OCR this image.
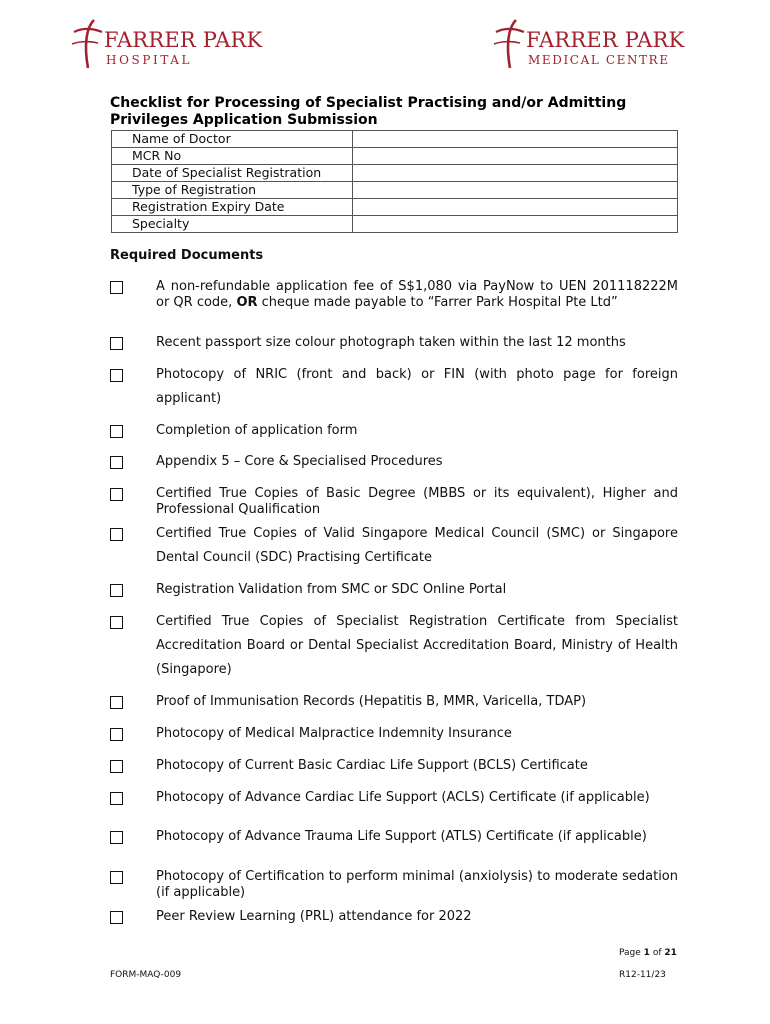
FARRER PARK
HOSPITAL
FARRER PARK
MEDICAL CENTRE
Checklist for Processing of Specialist Practising and/or Admitting Privileges Application Submission
Name of Doctor	
MCR No	
Date of Specialist Registration	
Type of Registration	
Registration Expiry Date	
Specialty	
Required Documents
A non-refundable application fee of S$1,080 via PayNow to UEN 201118222M or QR code, OR cheque made payable to “Farrer Park Hospital Pte Ltd”
Recent passport size colour photograph taken within the last 12 months
Photocopy of NRIC (front and back) or FIN (with photo page for foreign applicant)
Completion of application form
Appendix 5 – Core & Specialised Procedures
Certified True Copies of Basic Degree (MBBS or its equivalent), Higher and Professional Qualification
Certified True Copies of Valid Singapore Medical Council (SMC) or Singapore Dental Council (SDC) Practising Certificate
Registration Validation from SMC or SDC Online Portal
Certified True Copies of Specialist Registration Certificate from Specialist Accreditation Board or Dental Specialist Accreditation Board, Ministry of Health (Singapore)
Proof of Immunisation Records (Hepatitis B, MMR, Varicella, TDAP)
Photocopy of Medical Malpractice Indemnity Insurance
Photocopy of Current Basic Cardiac Life Support (BCLS) Certificate
Photocopy of Advance Cardiac Life Support (ACLS) Certificate (if applicable)
Photocopy of Advance Trauma Life Support (ATLS) Certificate (if applicable)
Photocopy of Certification to perform minimal (anxiolysis) to moderate sedation (if applicable)
Peer Review Learning (PRL) attendance for 2022
Page 1 of 21
FORM-MAQ-009	R12-11/23
